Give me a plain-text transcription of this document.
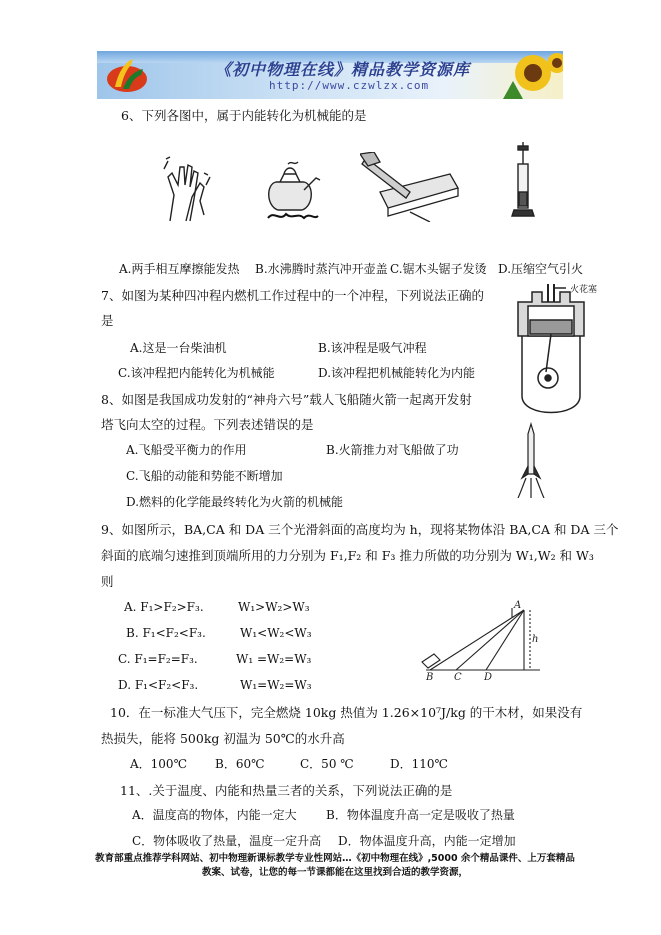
《初中物理在线》精品教学资源库
http://www.czwlzx.com
6、下列各图中，属于内能转化为机械能的是
A.两手相互摩擦能发热 B.水沸腾时蒸汽冲开壶盖 C.锯木头锯子发烫 D.压缩空气引火
7、如图为某种四冲程内燃机工作过程中的一个冲程，下列说法正确的
是
A.这是一台柴油机	B.该冲程是吸气冲程
C.该冲程把内能转化为机械能	D.该冲程把机械能转化为内能
火花塞
8、如图是我国成功发射的“神舟六号”载人飞船随火箭一起离开发射
塔飞向太空的过程。下列表述错误的是
A.飞船受平衡力的作用	B.火箭推力对飞船做了功
C.飞船的动能和势能不断增加
D.燃料的化学能最终转化为火箭的机械能
9、如图所示，BA,CA 和 DA 三个光滑斜面的高度均为 h，现将某物体沿 BA,CA 和 DA 三个
斜面的底端匀速推到顶端所用的力分别为 F₁,F₂ 和 F₃ 推力所做的功分别为 W₁,W₂ 和 W₃
则
A. F₁>F₂>F₃.	W₁>W₂>W₃
B. F₁<F₂<F₃.	W₁<W₂<W₃
C. F₁=F₂=F₃.	W₁ =W₂=W₃
D. F₁<F₂<F₃.	W₁=W₂=W₃
B C D
A
h
10．在一标准大气压下，完全燃烧 10kg 热值为 1.26×10⁷J/kg 的干木材，如果没有
热损失，能将 500kg 初温为 50℃的水升高
A．100℃ B．60℃	C．50 ℃	D．110℃
11、.关于温度、内能和热量三者的关系，下列说法正确的是
A．温度高的物体，内能一定大 B．物体温度升高一定是吸收了热量
C．物体吸收了热量，温度一定升高 D．物体温度升高，内能一定增加
教育部重点推荐学科网站、初中物理新课标教学专业性网站…《初中物理在线》,5000 余个精品课件、上万套精品
教案、试卷，让您的每一节课都能在这里找到合适的教学资源，
